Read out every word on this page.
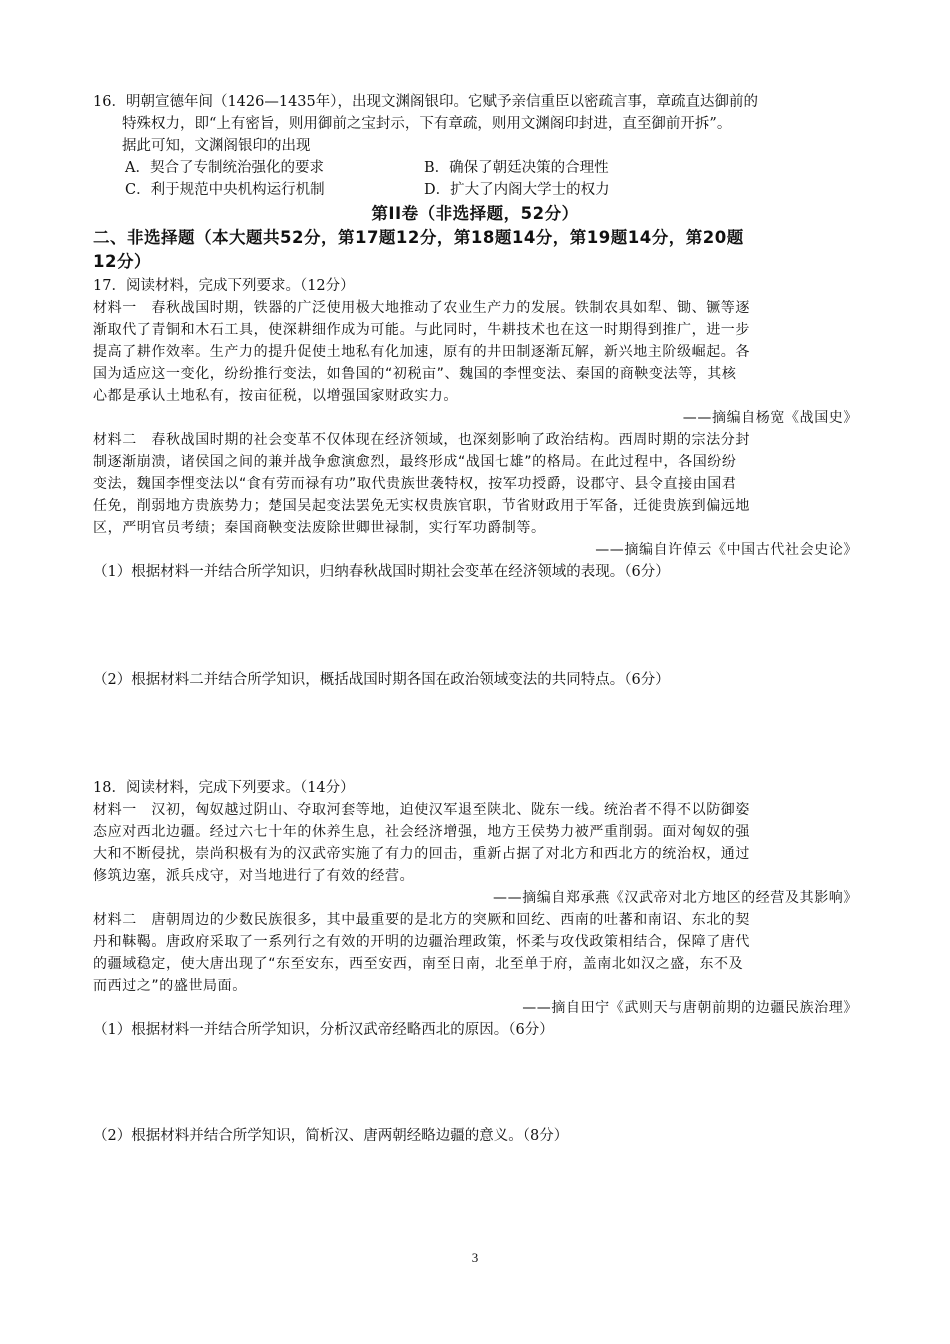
16．明朝宣德年间（1426—1435年），出现文渊阁银印。它赋予亲信重臣以密疏言事，章疏直达御前的
特殊权力，即“上有密旨，则用御前之宝封示，下有章疏，则用文渊阁印封进，直至御前开拆”。
据此可知，文渊阁银印的出现
A．契合了专制统治强化的要求	B．确保了朝廷决策的合理性
C．利于规范中央机构运行机制	D．扩大了内阁大学士的权力
第II卷（非选择题，52分）
二、非选择题（本大题共52分，第17题12分，第18题14分，第19题14分，第20题
12分）
17．阅读材料，完成下列要求。（12分）
材料一　春秋战国时期，铁器的广泛使用极大地推动了农业生产力的发展。铁制农具如犁、锄、镢等逐
渐取代了青铜和木石工具，使深耕细作成为可能。与此同时，牛耕技术也在这一时期得到推广，进一步
提高了耕作效率。生产力的提升促使土地私有化加速，原有的井田制逐渐瓦解，新兴地主阶级崛起。各
国为适应这一变化，纷纷推行变法，如鲁国的“初税亩”、魏国的李悝变法、秦国的商鞅变法等，其核
心都是承认土地私有，按亩征税，以增强国家财政实力。
——摘编自杨宽《战国史》
材料二　春秋战国时期的社会变革不仅体现在经济领域，也深刻影响了政治结构。西周时期的宗法分封
制逐渐崩溃，诸侯国之间的兼并战争愈演愈烈，最终形成“战国七雄”的格局。在此过程中，各国纷纷
变法，魏国李悝变法以“食有劳而禄有功”取代贵族世袭特权，按军功授爵，设郡守、县令直接由国君
任免，削弱地方贵族势力；楚国吴起变法罢免无实权贵族官职，节省财政用于军备，迁徙贵族到偏远地
区，严明官员考绩；秦国商鞅变法废除世卿世禄制，实行军功爵制等。
——摘编自许倬云《中国古代社会史论》
（1）根据材料一并结合所学知识，归纳春秋战国时期社会变革在经济领域的表现。（6分）
（2）根据材料二并结合所学知识，概括战国时期各国在政治领域变法的共同特点。（6分）
18．阅读材料，完成下列要求。（14分）
材料一　汉初，匈奴越过阴山、夺取河套等地，迫使汉军退至陕北、陇东一线。统治者不得不以防御姿
态应对西北边疆。经过六七十年的休养生息，社会经济增强，地方王侯势力被严重削弱。面对匈奴的强
大和不断侵扰，崇尚积极有为的汉武帝实施了有力的回击，重新占据了对北方和西北方的统治权，通过
修筑边塞，派兵戍守，对当地进行了有效的经营。
——摘编自郑承燕《汉武帝对北方地区的经营及其影响》
材料二　唐朝周边的少数民族很多，其中最重要的是北方的突厥和回纥、西南的吐蕃和南诏、东北的契
丹和靺鞨。唐政府采取了一系列行之有效的开明的边疆治理政策，怀柔与攻伐政策相结合，保障了唐代
的疆域稳定，使大唐出现了“东至安东，西至安西，南至日南，北至单于府，盖南北如汉之盛，东不及
而西过之”的盛世局面。
——摘自田宁《武则天与唐朝前期的边疆民族治理》
（1）根据材料一并结合所学知识，分析汉武帝经略西北的原因。（6分）
（2）根据材料并结合所学知识，简析汉、唐两朝经略边疆的意义。（8分）
3
